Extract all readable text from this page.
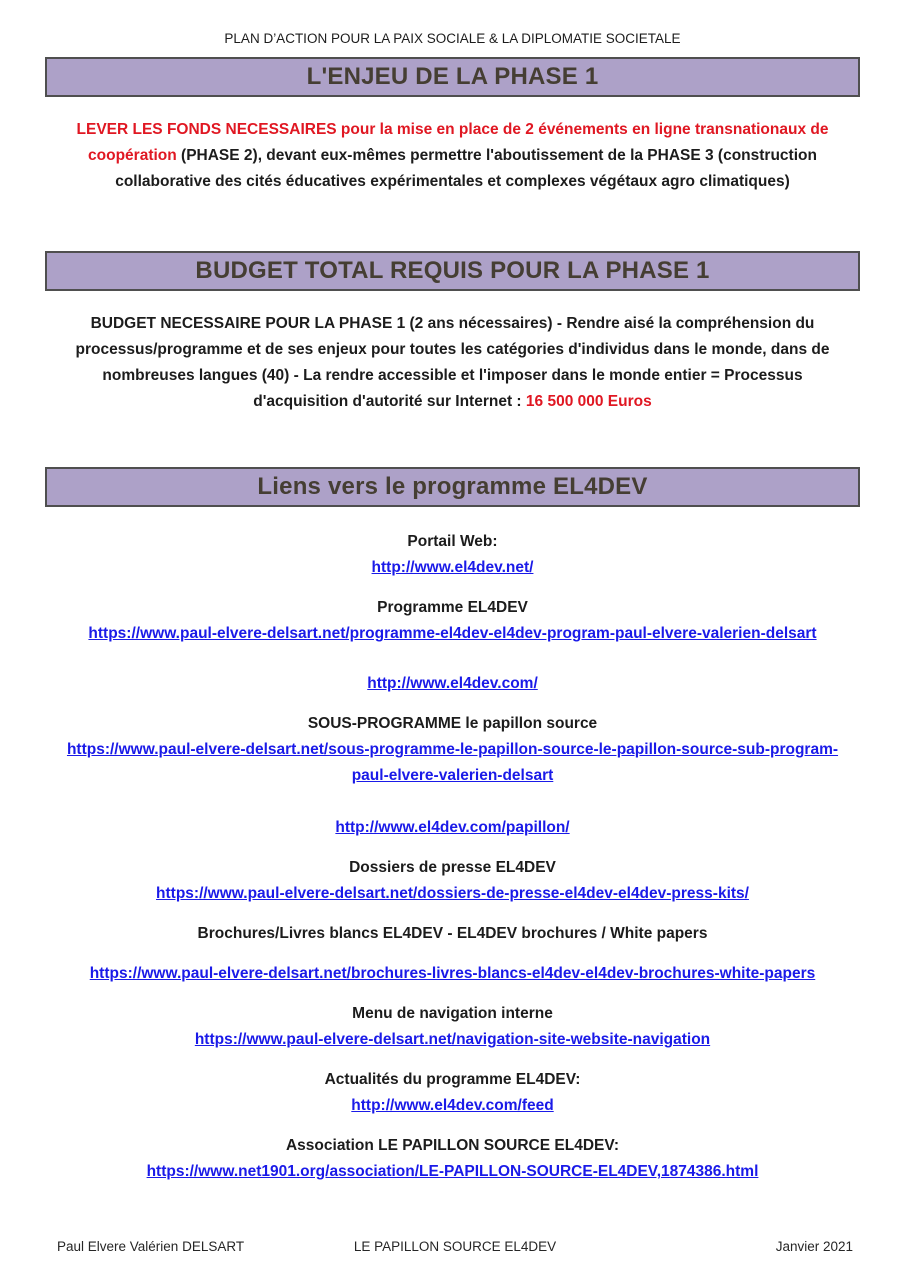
PLAN D’ACTION POUR LA PAIX SOCIALE & LA DIPLOMATIE SOCIETALE
L'ENJEU DE LA PHASE 1
LEVER LES FONDS NECESSAIRES pour la mise en place de 2 événements en ligne transnationaux de coopération (PHASE 2), devant eux-mêmes permettre l'aboutissement de la PHASE 3 (construction collaborative des cités éducatives expérimentales et complexes végétaux agro climatiques)
BUDGET TOTAL REQUIS POUR LA PHASE 1
BUDGET NECESSAIRE POUR LA PHASE 1 (2 ans nécessaires) - Rendre aisé la compréhension du processus/programme et de ses enjeux pour toutes les catégories d'individus dans le monde, dans de nombreuses langues (40) - La rendre accessible et l'imposer dans le monde entier = Processus d'acquisition d'autorité sur Internet : 16 500 000 Euros
Liens vers le programme EL4DEV
Portail Web:
http://www.el4dev.net/
Programme EL4DEV
https://www.paul-elvere-delsart.net/programme-el4dev-el4dev-program-paul-elvere-valerien-delsart
http://www.el4dev.com/
SOUS-PROGRAMME le papillon source
https://www.paul-elvere-delsart.net/sous-programme-le-papillon-source-le-papillon-source-sub-program-paul-elvere-valerien-delsart
http://www.el4dev.com/papillon/
Dossiers de presse EL4DEV
https://www.paul-elvere-delsart.net/dossiers-de-presse-el4dev-el4dev-press-kits/
Brochures/Livres blancs EL4DEV - EL4DEV brochures / White papers
https://www.paul-elvere-delsart.net/brochures-livres-blancs-el4dev-el4dev-brochures-white-papers
Menu de navigation interne
https://www.paul-elvere-delsart.net/navigation-site-website-navigation
Actualités du programme EL4DEV:
http://www.el4dev.com/feed
Association LE PAPILLON SOURCE EL4DEV:
https://www.net1901.org/association/LE-PAPILLON-SOURCE-EL4DEV,1874386.html
LE PAPILLON SOURCE EL4DEV
Paul Elvere Valérien DELSART	Janvier 2021
